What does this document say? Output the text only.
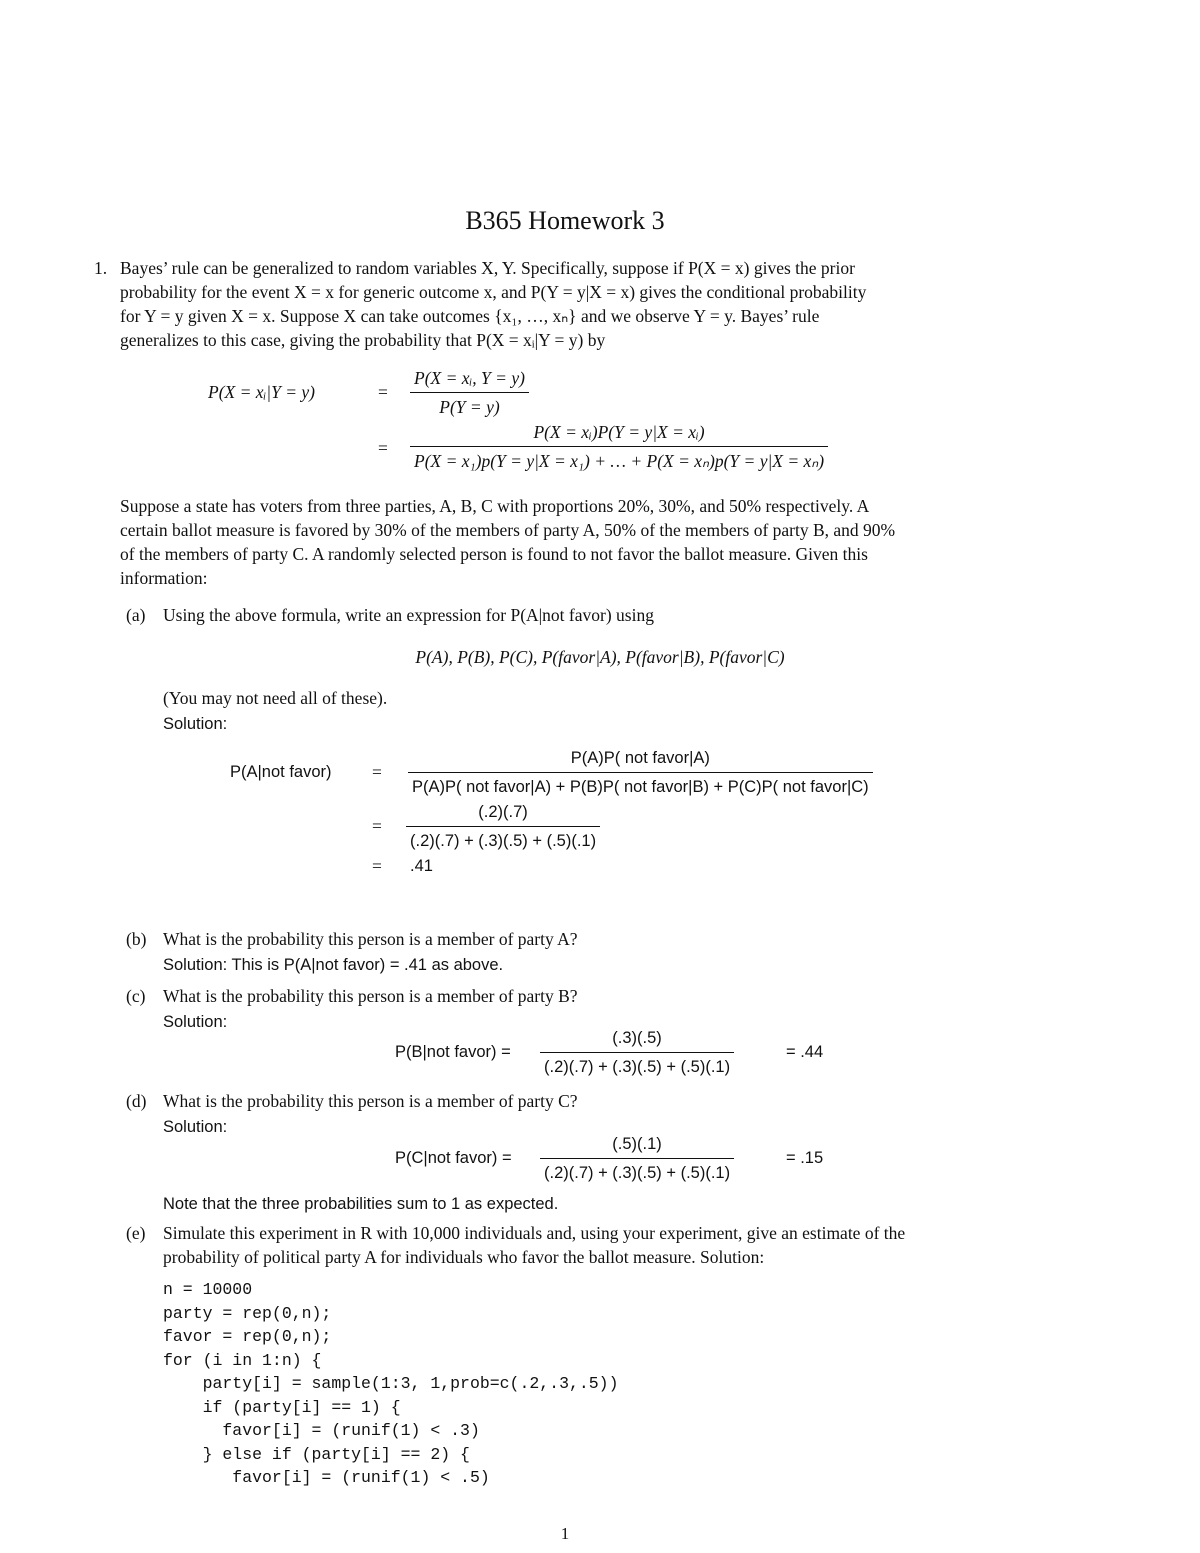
B365 Homework 3
1. Bayes’ rule can be generalized to random variables X, Y. Specifically, suppose if P(X = x) gives the prior
probability for the event X = x for generic outcome x, and P(Y = y|X = x) gives the conditional probability
for Y = y given X = x. Suppose X can take outcomes {x₁, …, xₙ} and we observe Y = y. Bayes’ rule
generalizes to this case, giving the probability that P(X = xᵢ|Y = y) by
P(X = xᵢ|Y = y)	= $\frac{\text{P(X = xᵢ, Y = y)}}{P(Y = y)}$
= $\frac{\text{P(X = xᵢ)P(Y = y|X = xᵢ)}}{\text{P(X = x₁)p(Y = y|X = x₁) + … + P(X = xₙ)p(Y = y|X = xₙ)}}$
Suppose a state has voters from three parties, A, B, C with proportions 20%, 30%, and 50% respectively. A
certain ballot measure is favored by 30% of the members of party A, 50% of the members of party B, and 90%
of the members of party C. A randomly selected person is found to not favor the ballot measure. Given this
information:
(a) Using the above formula, write an expression for P(A|not favor) using
P(A), P(B), P(C), P(favor|A), P(favor|B), P(favor|C)
(You may not need all of these).
Solution:
P(A|not favor) =
P(A)P( not favor|A)
P(A)P( not favor|A) + P(B)P( not favor|B) + P(C)P( not favor|C)
= $\frac{(.2)(.7)}{(.2)(.7) + (.3)(.5) + (.5)(.1)}$
= .41
(b) What is the probability this person is a member of party A?
Solution: This is P(A|not favor) = .41 as above.
(c) What is the probability this person is a member of party B?
Solution:
P(B|not favor) = $\frac{(.3)(.5)}{(.2)(.7) + (.3)(.5) + (.5)(.1)}$	= .44
(d) What is the probability this person is a member of party C?
Solution:
P(C|not favor) = $\frac{(.5)(.1)}{(.2)(.7) + (.3)(.5) + (.5)(.1)}$	= .15
Note that the three probabilities sum to 1 as expected.
(e) Simulate this experiment in R with 10,000 individuals and, using your experiment, give an estimate of the
probability of political party A for individuals who favor the ballot measure. Solution:
n = 10000
party = rep(0,n);
favor = rep(0,n);
for (i in 1:n) {
party[i] = sample(1:3, 1,prob=c(.2,.3,.5))
if (party[i] == 1) {
favor[i] = (runif(1) < .3)
} else if (party[i] == 2) {
favor[i] = (runif(1) < .5)
1
